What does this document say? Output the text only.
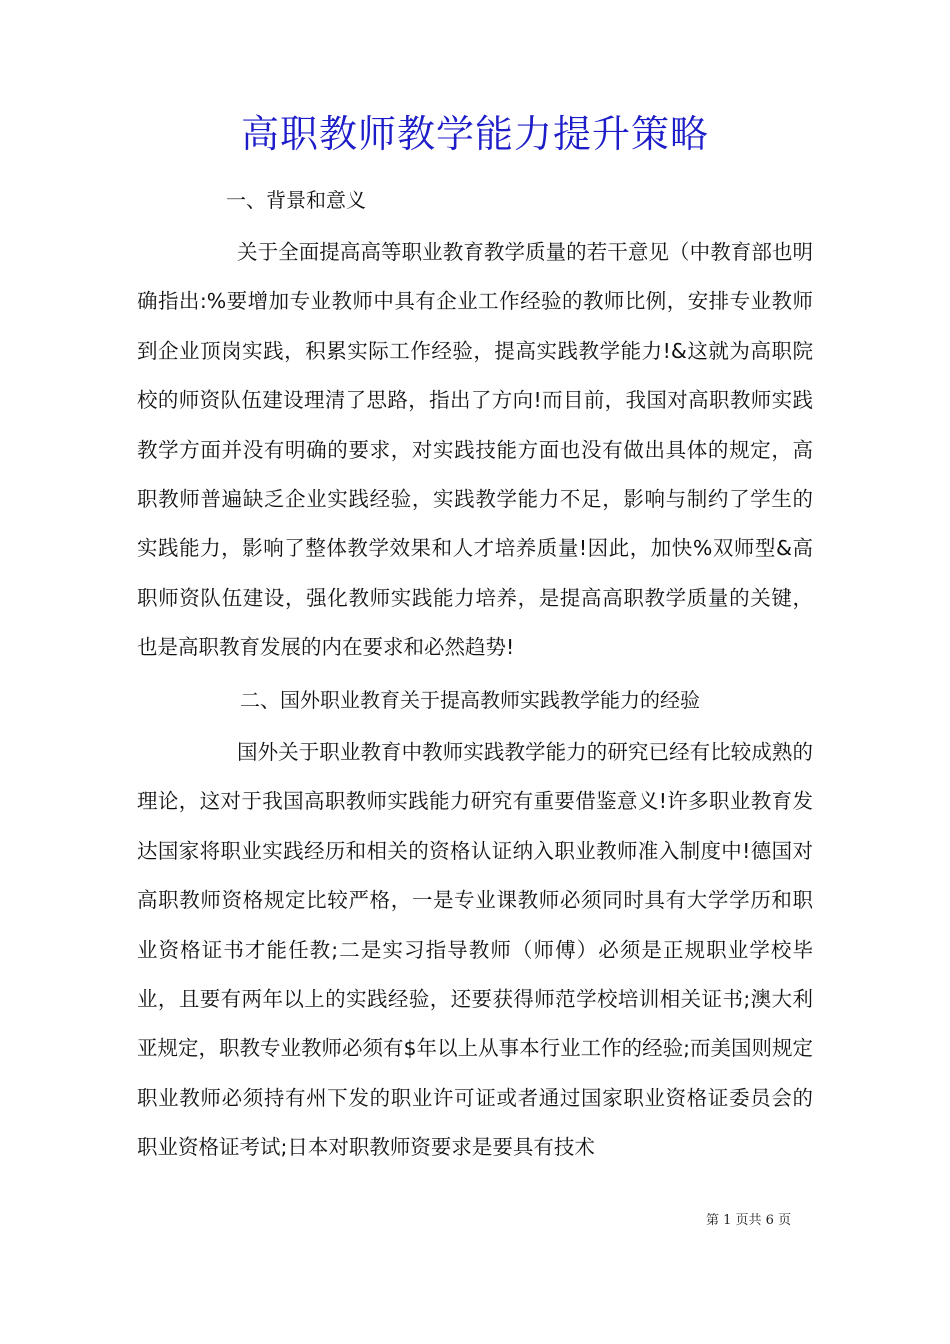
高职教师教学能力提升策略
一、背景和意义

关于全面提高高等职业教育教学质量的若干意见（中教育部也明确指出:%要增加专业教师中具有企业工作经验的教师比例，安排专业教师到企业顶岗实践，积累实际工作经验，提高实践教学能力!&这就为高职院校的师资队伍建设理清了思路，指出了方向!而目前，我国对高职教师实践教学方面并没有明确的要求，对实践技能方面也没有做出具体的规定，高职教师普遍缺乏企业实践经验，实践教学能力不足，影响与制约了学生的实践能力，影响了整体教学效果和人才培养质量!因此，加快%双师型&高职师资队伍建设，强化教师实践能力培养，是提高高职教学质量的关键，也是高职教育发展的内在要求和必然趋势!

二、国外职业教育关于提高教师实践教学能力的经验

国外关于职业教育中教师实践教学能力的研究已经有比较成熟的理论，这对于我国高职教师实践能力研究有重要借鉴意义!许多职业教育发达国家将职业实践经历和相关的资格认证纳入职业教师准入制度中!德国对高职教师资格规定比较严格，一是专业课教师必须同时具有大学学历和职业资格证书才能任教;二是实习指导教师（师傅）必须是正规职业学校毕业，且要有两年以上的实践经验，还要获得师范学校培训相关证书;澳大利亚规定，职教专业教师必须有$年以上从事本行业工作的经验;而美国则规定职业教师必须持有州下发的职业许可证或者通过国家职业资格证委员会的职业资格证考试;日本对职教师资要求是要具有技术

第 1 页共 6 页
